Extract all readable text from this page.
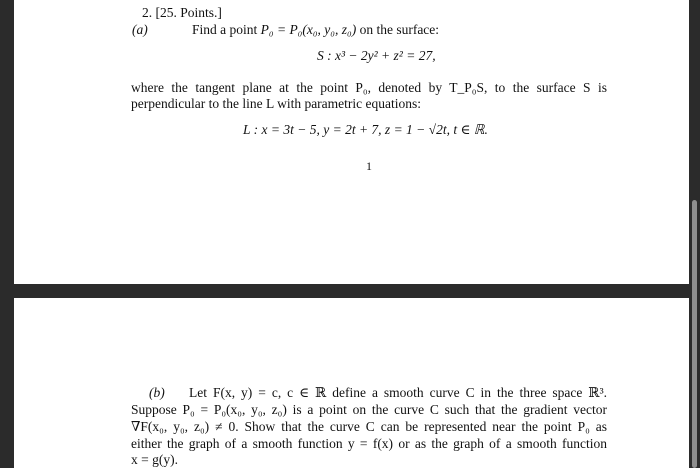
2. [25. Points.]
(a)	Find a point P₀ = P₀(x₀, y₀, z₀) on the surface:
S : x³ − 2y² + z² = 27,
where the tangent plane at the point P₀, denoted by T_P₀S, to the surface S is
perpendicular to the line L with parametric equations:
L : x = 3t − 5, y = 2t + 7, z = 1 − √2t, t ∈ ℝ.
1
(b) Let F(x, y) = c, c ∈ ℝ define a smooth curve C in the three space ℝ³.
Suppose P₀ = P₀(x₀, y₀, z₀) is a point on the curve C such that the gradient vector
∇F(x₀, y₀, z₀) ≠ 0. Show that the curve C can be represented near the point P₀ as
either the graph of a smooth function y = f(x) or as the graph of a smooth function
x = g(y).
